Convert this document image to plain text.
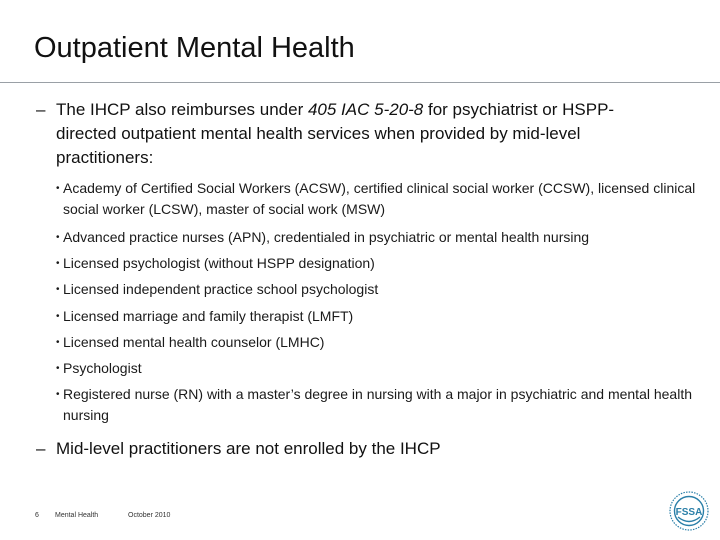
Outpatient Mental Health
– The IHCP also reimburses under 405 IAC 5-20-8 for psychiatrist or HSPP-directed outpatient mental health services when provided by mid-level practitioners:
• Academy of Certified Social Workers (ACSW), certified clinical social worker (CCSW), licensed clinical social worker (LCSW), master of social work (MSW)
• Advanced practice nurses (APN), credentialed in psychiatric or mental health nursing
• Licensed psychologist (without HSPP designation)
• Licensed independent practice school psychologist
• Licensed marriage and family therapist (LMFT)
• Licensed mental health counselor (LMHC)
• Psychologist
• Registered nurse (RN) with a master’s degree in nursing with a major in psychiatric and mental health nursing
– Mid-level practitioners are not enrolled by the IHCP
6 Mental Health	October 2010	FSSA
